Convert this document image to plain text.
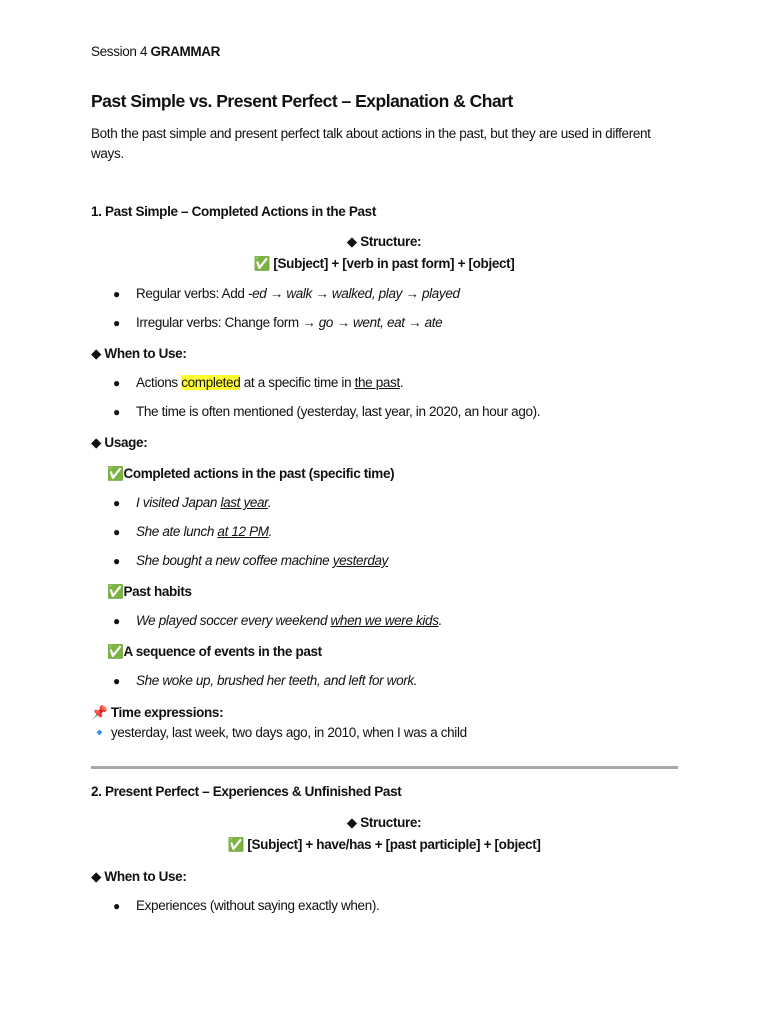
Session 4 GRAMMAR
Past Simple vs. Present Perfect – Explanation & Chart
Both the past simple and present perfect talk about actions in the past, but they are used in different
ways.
1. Past Simple – Completed Actions in the Past
◆ Structure:
✅ [Subject] + [verb in past form] + [object]
● Regular verbs: Add -ed → walk → walked, play → played
● Irregular verbs: Change form → go → went, eat → ate
◆ When to Use:
● Actions completed at a specific time in the past.
● The time is often mentioned (yesterday, last year, in 2020, an hour ago).
◆ Usage:
✅Completed actions in the past (specific time)
● I visited Japan last year.
● She ate lunch at 12 PM.
● She bought a new coffee machine yesterday
✅Past habits
● We played soccer every weekend when we were kids.
✅A sequence of events in the past
● She woke up, brushed her teeth, and left for work.
📌 Time expressions:
🔹 yesterday, last week, two days ago, in 2010, when I was a child
2. Present Perfect – Experiences & Unfinished Past
◆ Structure:
✅ [Subject] + have/has + [past participle] + [object]
◆ When to Use:
● Experiences (without saying exactly when).
